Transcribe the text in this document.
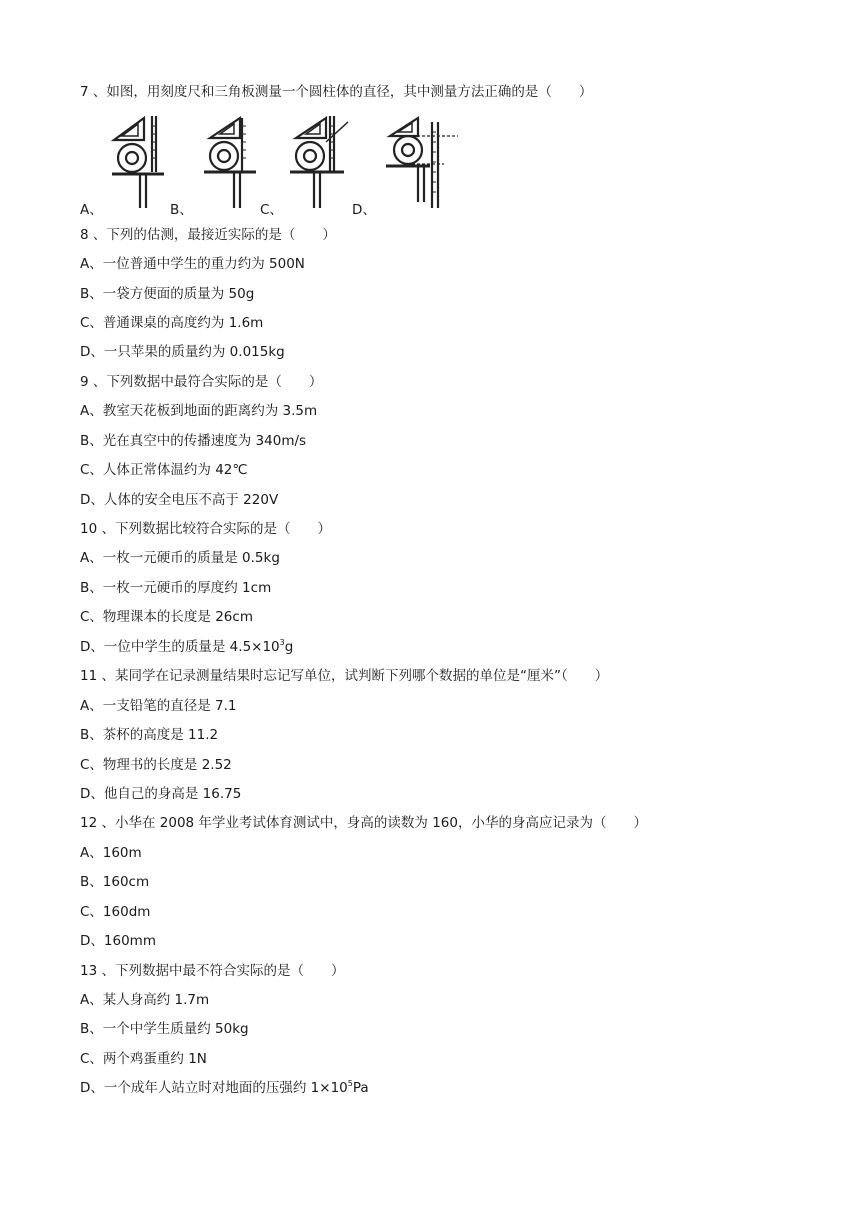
7 、如图，用刻度尺和三角板测量一个圆柱体的直径，其中测量方法正确的是（　　）
A、	B、	C、	D、
8 、下列的估测，最接近实际的是（　　）
A、一位普通中学生的重力约为 500N
B、一袋方便面的质量为 50g
C、普通课桌的高度约为 1.6m
D、一只苹果的质量约为 0.015kg
9 、下列数据中最符合实际的是（　　）
A、教室天花板到地面的距离约为 3.5m
B、光在真空中的传播速度为 340m/s
C、人体正常体温约为 42℃
D、人体的安全电压不高于 220V
10 、下列数据比较符合实际的是（　　）
A、一枚一元硬币的质量是 0.5kg
B、一枚一元硬币的厚度约 1cm
C、物理课本的长度是 26cm
D、一位中学生的质量是 $4.5\times 10^3g$
11 、某同学在记录测量结果时忘记写单位，试判断下列哪个数据的单位是“厘米”（　　）
A、一支铅笔的直径是 7.1
B、茶杯的高度是 11.2
C、物理书的长度是 2.52
D、他自己的身高是 16.75
12 、小华在 2008 年学业考试体育测试中，身高的读数为 160，小华的身高应记录为（　　）
A、160m
B、160cm
C、160dm
D、160mm
13 、下列数据中最不符合实际的是（　　）
A、某人身高约 1.7m
B、一个中学生质量约 50kg
C、两个鸡蛋重约 1N
D、一个成年人站立时对地面的压强约 $1\times 10^5Pa$
